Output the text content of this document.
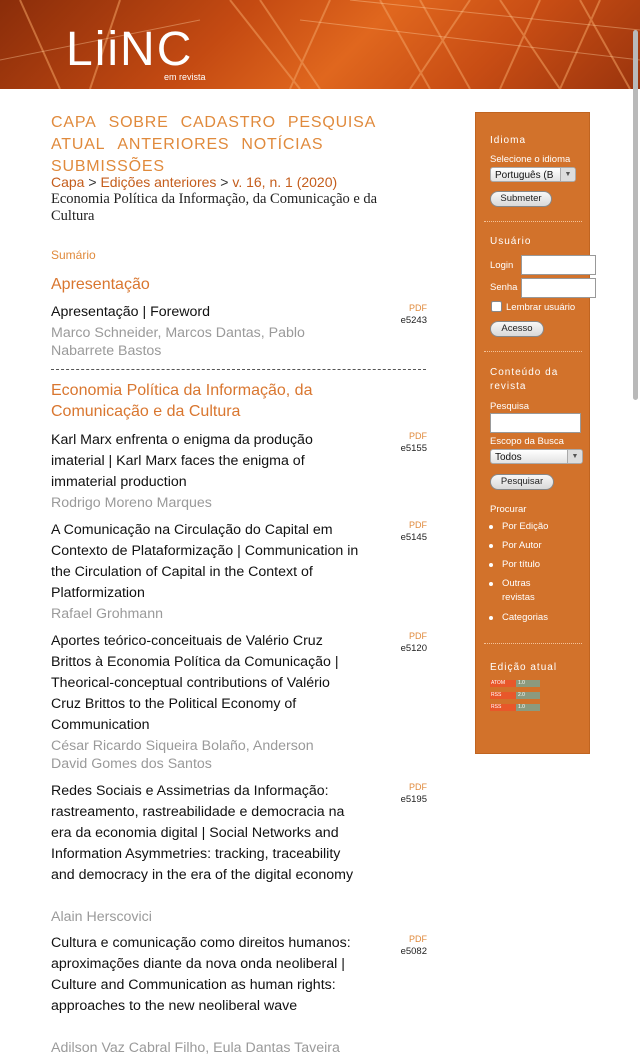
LiiNC
em revista
CAPA SOBRE CADASTRO PESQUISAATUAL ANTERIORES NOTÍCIASSUBMISSÕES
Capa > Edições anteriores > v. 16, n. 1 (2020)
Economia Política da Informação, da Comunicação e da Cultura
Sumário
Apresentação
Apresentação | Foreword
Marco Schneider, Marcos Dantas, Pablo Nabarrete Bastos
PDF
e5243
Economia Política da Informação, da Comunicação e da Cultura
Karl Marx enfrenta o enigma da produção imaterial | Karl Marx faces the enigma of immaterial production
Rodrigo Moreno Marques
PDF
e5155
A Comunicação na Circulação do Capital em Contexto de Plataformização | Communication in the Circulation of Capital in the Context of Platformization
Rafael Grohmann
PDF
e5145
Aportes teórico-conceituais de Valério Cruz Brittos à Economia Política da Comunicação | Theorical-conceptual contributions of Valério Cruz Brittos to the Political Economy of Communication
César Ricardo Siqueira Bolaño, Anderson David Gomes dos Santos
PDF
e5120
Redes Sociais e Assimetrias da Informação: rastreamento, rastreabilidade e democracia na era da economia digital | Social Networks and Information Asymmetries: tracking, traceability and democracy in the era of the digital economy
Alain Herscovici
PDF
e5195
Cultura e comunicação como direitos humanos: aproximações diante da nova onda neoliberal | Culture and Communication as human rights: approaches to the new neoliberal wave
Adilson Vaz Cabral Filho, Eula Dantas Taveira
PDF
e5082
Idioma
Selecione o idioma
Português (B	▼
Submeter
Usuário
Login
Senha
Lembrar usuário
Acesso
Conteúdo da revista
Pesquisa
Escopo da Busca
Todos	▼
Pesquisar
Procurar
Por Edição
Por Autor
Por título
Outras revistas
Categorias
Edição atual
ATOM	1.0
RSS	2.0
RSS	1.0
